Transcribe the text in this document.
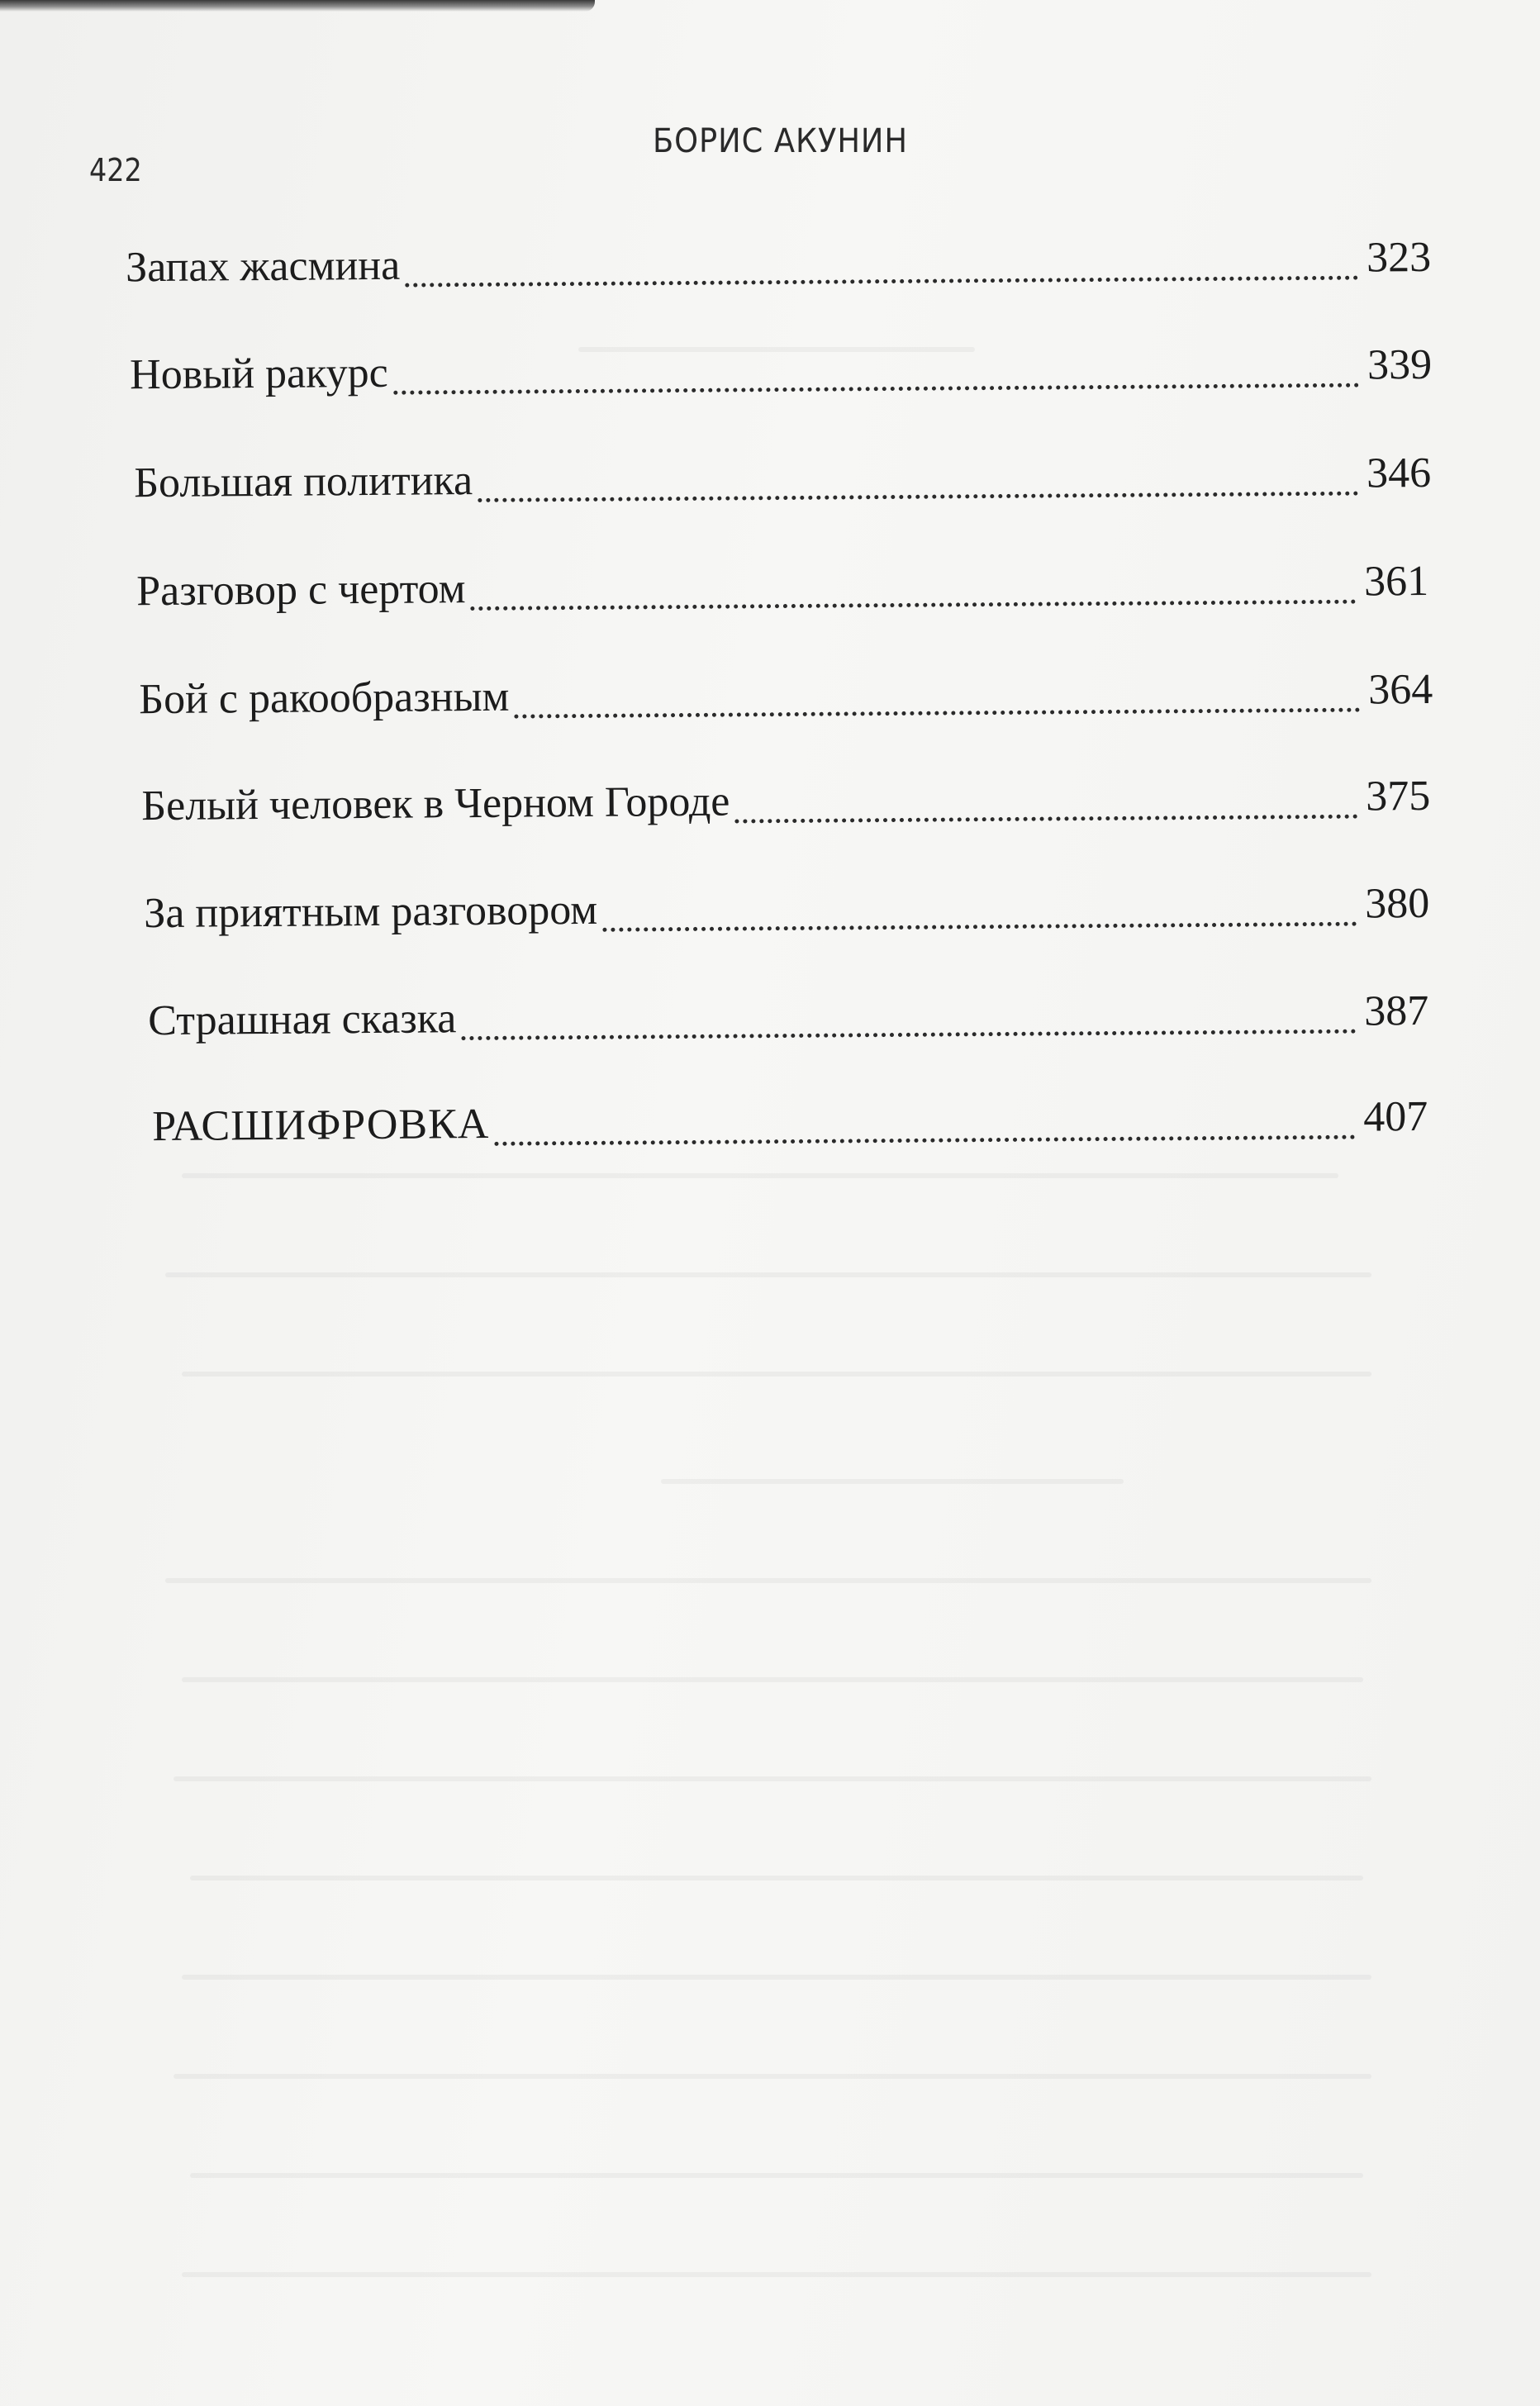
422
БОРИС АКУНИН
Запах жасмина	323
Новый ракурс	339
Большая политика	346
Разговор с чертом	361
Бой с ракообразным	364
Белый человек в Черном Городе	375
За приятным разговором	380
Страшная сказка	387
РАСШИФРОВКА	407
